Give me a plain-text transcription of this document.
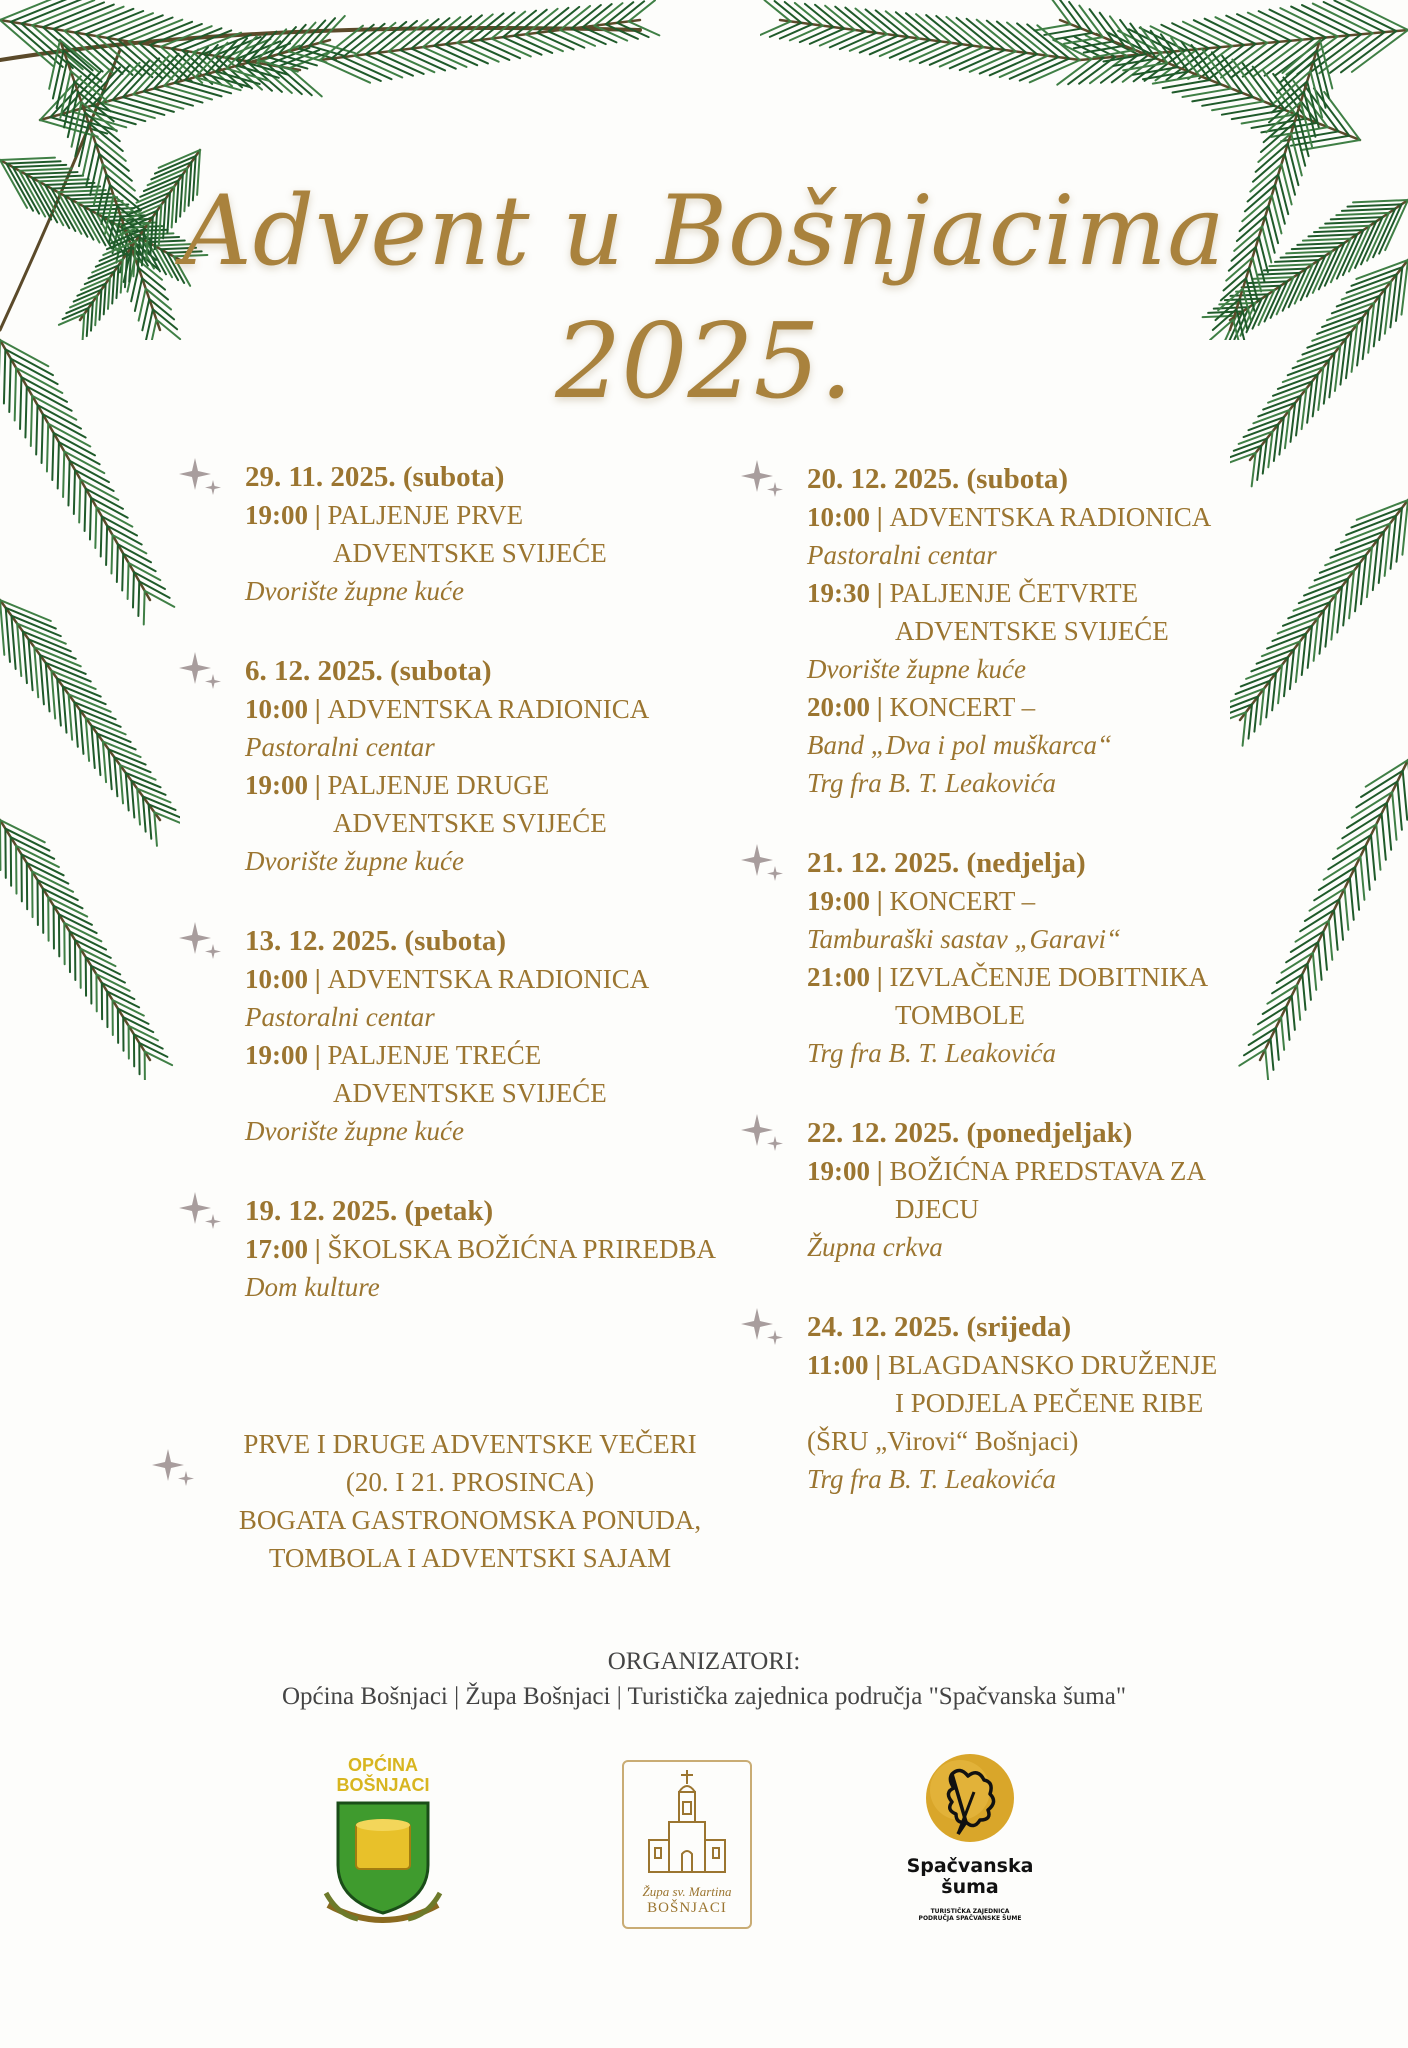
Advent u Bošnjacima
2025.
29. 11. 2025. (subota)
19:00 | PALJENJE PRVE
ADVENTSKE SVIJEĆE
Dvorište župne kuće
6. 12. 2025. (subota)
10:00 | ADVENTSKA RADIONICA
Pastoralni centar
19:00 | PALJENJE DRUGE
ADVENTSKE SVIJEĆE
Dvorište župne kuće
13. 12. 2025. (subota)
10:00 | ADVENTSKA RADIONICA
Pastoralni centar
19:00 | PALJENJE TREĆE
ADVENTSKE SVIJEĆE
Dvorište župne kuće
19. 12. 2025. (petak)
17:00 | ŠKOLSKA BOŽIĆNA PRIREDBA
Dom kulture
20. 12. 2025. (subota)
10:00 | ADVENTSKA RADIONICA
Pastoralni centar
19:30 | PALJENJE ČETVRTE
ADVENTSKE SVIJEĆE
Dvorište župne kuće
20:00 | KONCERT –
Band „Dva i pol muškarca“
Trg fra B. T. Leakovića
21. 12. 2025. (nedjelja)
19:00 | KONCERT –
Tamburaški sastav „Garavi“
21:00 | IZVLAČENJE DOBITNIKA
TOMBOLE
Trg fra B. T. Leakovića
22. 12. 2025. (ponedjeljak)
19:00 | BOŽIĆNA PREDSTAVA ZA
DJECU
Župna crkva
24. 12. 2025. (srijeda)
11:00 | BLAGDANSKO DRUŽENJE
I PODJELA PEČENE RIBE
(ŠRU „Virovi“ Bošnjaci)
Trg fra B. T. Leakovića
PRVE I DRUGE ADVENTSKE VEČERI
(20. I 21. PROSINCA)
BOGATA GASTRONOMSKA PONUDA,
TOMBOLA I ADVENTSKI SAJAM
ORGANIZATORI:
Općina Bošnjaci | Župa Bošnjaci | Turistička zajednica područja "Spačvanska šuma"
OPĆINA
BOŠNJACI
Župa sv. Martina
BOŠNJACI
Spačvanska
šuma
TURISTIČKA ZAJEDNICA
PODRUČJA SPAČVANSKE ŠUME
